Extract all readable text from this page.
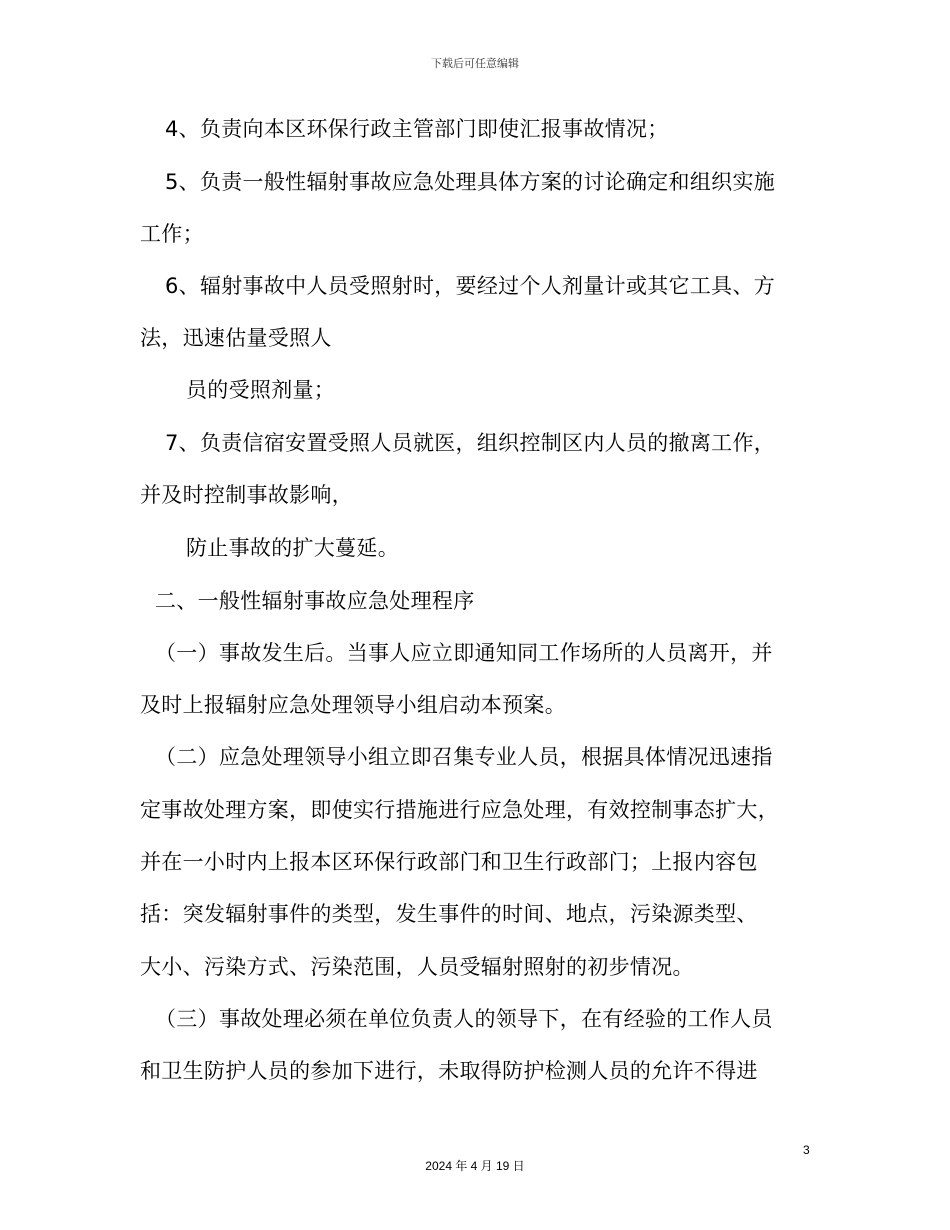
下载后可任意编辑
4、负责向本区环保行政主管部门即使汇报事故情况；
5、负责一般性辐射事故应急处理具体方案的讨论确定和组织实施
工作；
6、辐射事故中人员受照射时，要经过个人剂量计或其它工具、方
法，迅速估量受照人
员的受照剂量；
7、负责信宿安置受照人员就医，组织控制区内人员的撤离工作，
并及时控制事故影响，
防止事故的扩大蔓延。
二、一般性辐射事故应急处理程序
（一）事故发生后。当事人应立即通知同工作场所的人员离开，并
及时上报辐射应急处理领导小组启动本预案。
（二）应急处理领导小组立即召集专业人员，根据具体情况迅速指
定事故处理方案，即使实行措施进行应急处理，有效控制事态扩大，
并在一小时内上报本区环保行政部门和卫生行政部门；上报内容包
括：突发辐射事件的类型，发生事件的时间、地点，污染源类型、
大小、污染方式、污染范围，人员受辐射照射的初步情况。
（三）事故处理必须在单位负责人的领导下，在有经验的工作人员
和卫生防护人员的参加下进行，未取得防护检测人员的允许不得进
3
2024 年 4 月 19 日
